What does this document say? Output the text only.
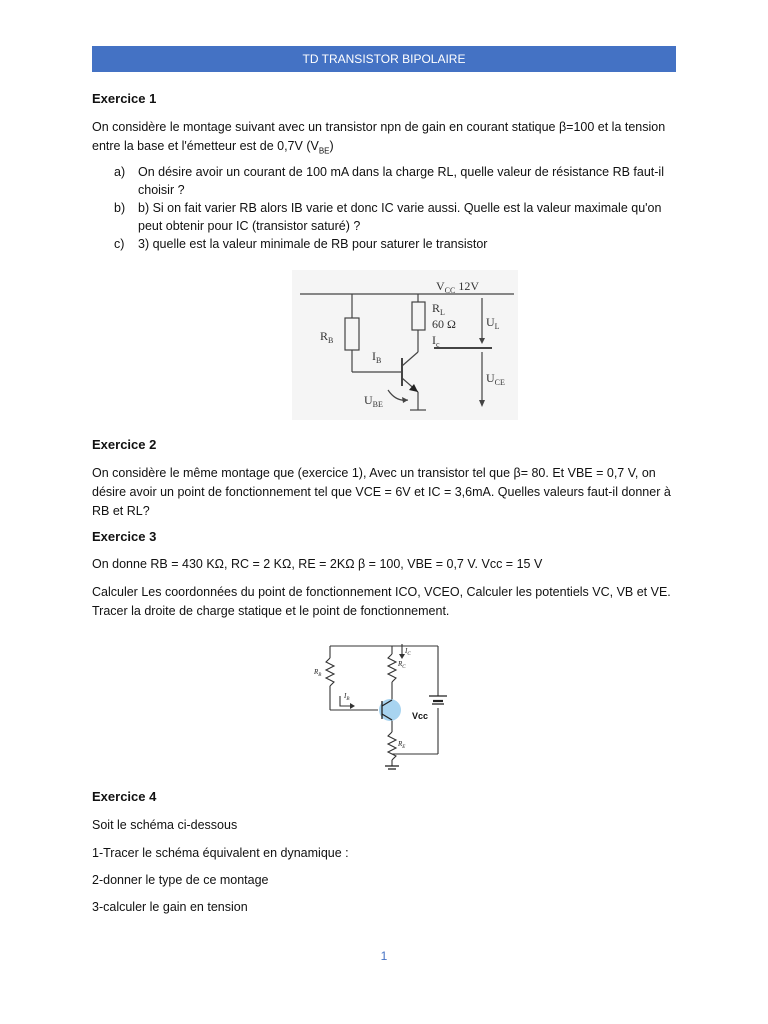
TD TRANSISTOR BIPOLAIRE
Exercice 1

On considère le montage suivant avec un transistor npn de gain en courant statique β=100 et la tension
entre la base et l'émetteur est de 0,7V $(V_{BE})$

a) On désire avoir un courant de 100 mA dans la charge RL, quelle valeur de résistance RB faut-il choisir ?
b) b) Si on fait varier RB alors IB varie et donc IC varie aussi. Quelle est la valeur maximale qu'on peut obtenir pour IC (transistor saturé) ?
c) 3) quelle est la valeur minimale de RB pour saturer le transistor
$V_{CC}$ 12V
$R_L$
60 Ω
$R_B$
$I_B$
$I_c$
$U_L$
$U_{CE}$
$U_{BE}$
Exercice 2

On considère le même montage que (exercice 1), Avec un transistor tel que β= 80. Et VBE = 0,7 V, on désire avoir un point de fonctionnement tel que VCE = 6V et IC = 3,6mA. Quelles valeurs faut-il donner à RB et RL?

Exercice 3

On donne RB = 430 KΩ, RC = 2 KΩ, RE = 2KΩ β = 100, VBE = 0,7 V. Vcc = 15 V

Calculer Les coordonnées du point de fonctionnement ICO, VCEO, Calculer les potentiels VC, VB et VE. Tracer la droite de charge statique et le point de fonctionnement.

$R_B$
$R_C$
$R_E$
$I_C$
$I_B$
Vcc
Exercice 4

Soit le schéma ci-dessous

1-Tracer le schéma équivalent en dynamique :

2-donner le type de ce montage

3-calculer le gain en tension

1
